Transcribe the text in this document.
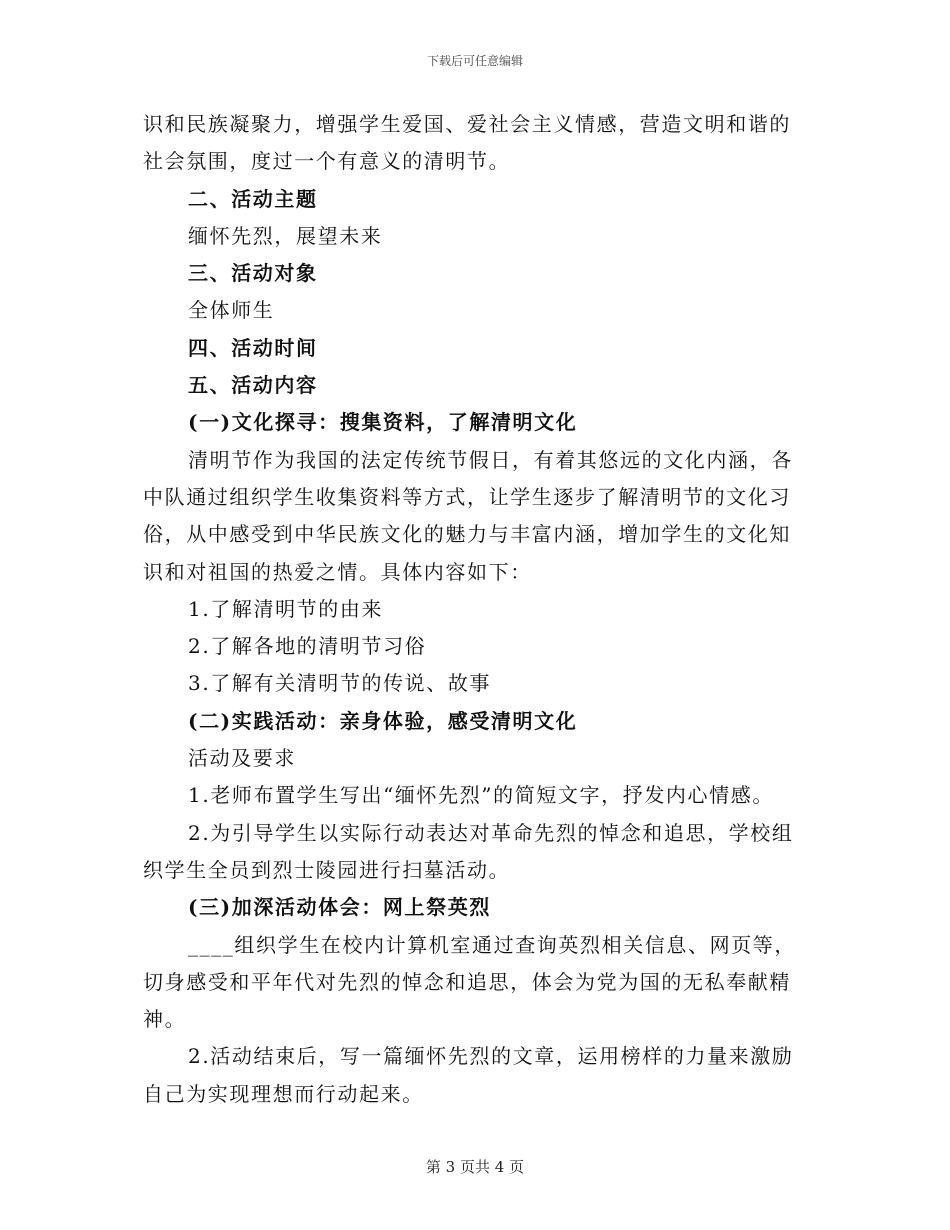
下载后可任意编辑

识和民族凝聚力，增强学生爱国、爱社会主义情感，营造文明和谐的社会氛围，度过一个有意义的清明节。

二、活动主题

缅怀先烈，展望未来

三、活动对象

全体师生

四、活动时间

五、活动内容

(一)文化探寻：搜集资料，了解清明文化

清明节作为我国的法定传统节假日，有着其悠远的文化内涵，各中队通过组织学生收集资料等方式，让学生逐步了解清明节的文化习俗，从中感受到中华民族文化的魅力与丰富内涵，增加学生的文化知识和对祖国的热爱之情。具体内容如下：

1.了解清明节的由来

2.了解各地的清明节习俗

3.了解有关清明节的传说、故事

(二)实践活动：亲身体验，感受清明文化

活动及要求

1.老师布置学生写出“缅怀先烈”的简短文字，抒发内心情感。

2.为引导学生以实际行动表达对革命先烈的悼念和追思，学校组织学生全员到烈士陵园进行扫墓活动。

(三)加深活动体会：网上祭英烈

____组织学生在校内计算机室通过查询英烈相关信息、网页等，切身感受和平年代对先烈的悼念和追思，体会为党为国的无私奉献精神。

2.活动结束后，写一篇缅怀先烈的文章，运用榜样的力量来激励自己为实现理想而行动起来。

第 3 页共 4 页
